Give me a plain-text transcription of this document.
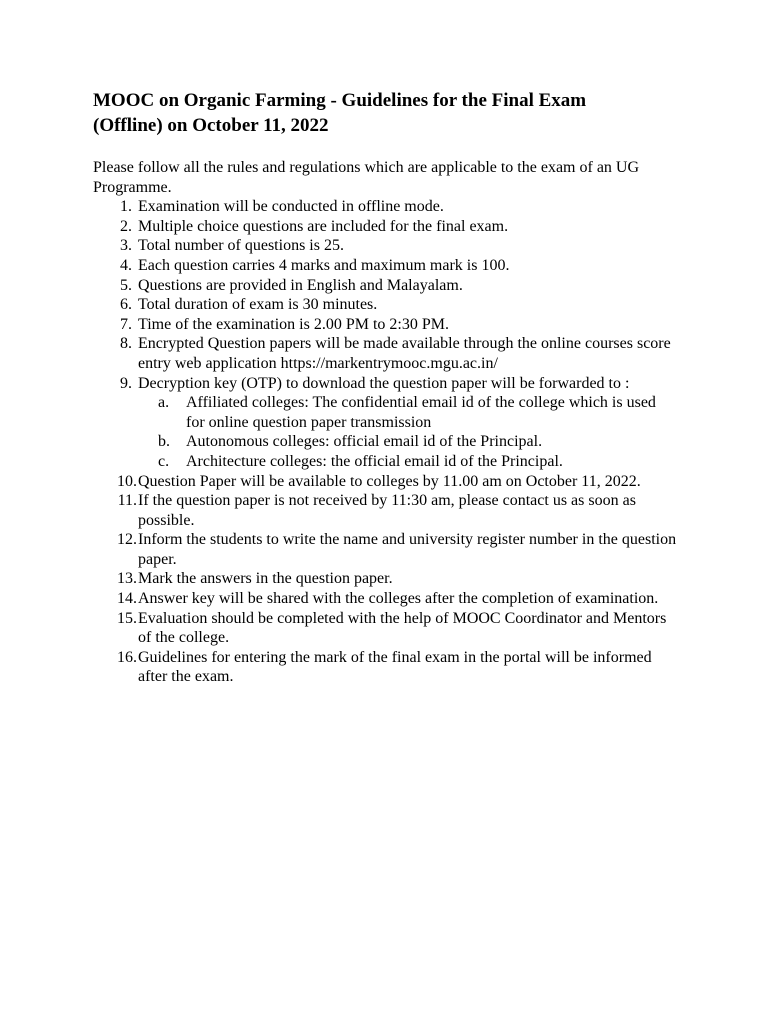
MOOC on Organic Farming - Guidelines for the Final Exam (Offline) on October 11, 2022

Please follow all the rules and regulations which are applicable to the exam of an UG Programme.

1. Examination will be conducted in offline mode.
2. Multiple choice questions are included for the final exam.
3. Total number of questions is 25.
4. Each question carries 4 marks and maximum mark is 100.
5. Questions are provided in English and Malayalam.
6. Total duration of exam is 30 minutes.
7. Time of the examination is 2.00 PM to 2:30 PM.
8. Encrypted Question papers will be made available through the online courses score entry web application https://markentrymooc.mgu.ac.in/
9. Decryption key (OTP) to download the question paper will be forwarded to :
a. Affiliated colleges: The confidential email id of the college which is used for online question paper transmission
b. Autonomous colleges: official email id of the Principal.
c. Architecture colleges: the official email id of the Principal.
10. Question Paper will be available to colleges by 11.00 am on October 11, 2022.
11. If the question paper is not received by 11:30 am, please contact us as soon as possible.
12. Inform the students to write the name and university register number in the question paper.
13. Mark the answers in the question paper.
14. Answer key will be shared with the colleges after the completion of examination.
15. Evaluation should be completed with the help of MOOC Coordinator and Mentors of the college.
16. Guidelines for entering the mark of the final exam in the portal will be informed after the exam.
